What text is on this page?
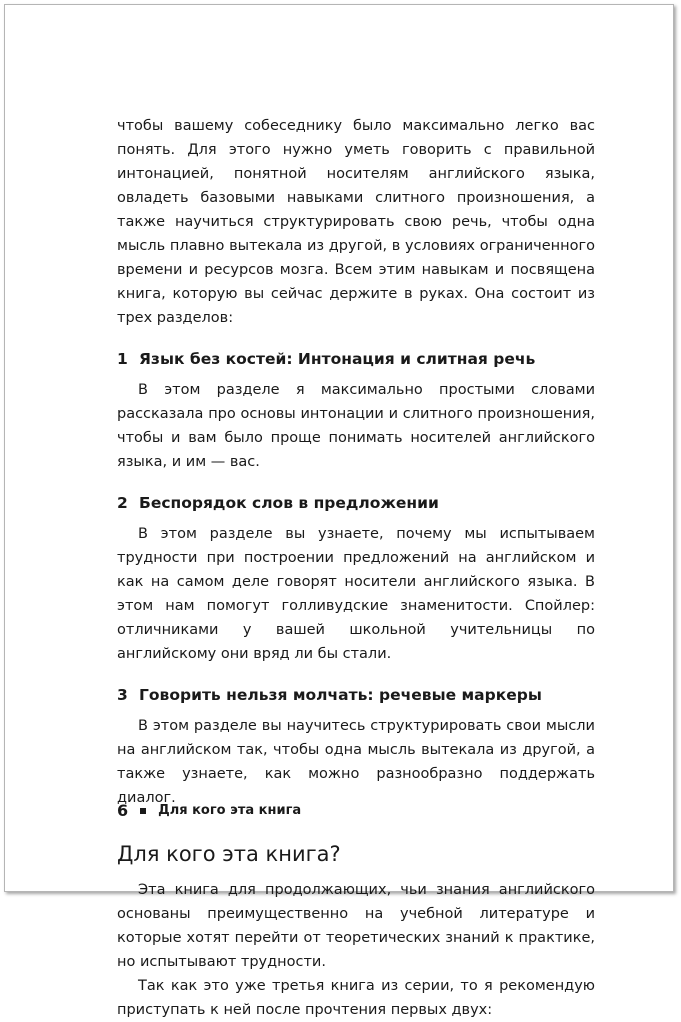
чтобы вашему собеседнику было максимально легко вас понять. Для этого нужно уметь говорить с правильной интонацией, понятной носителям английского языка, овладеть базовыми навыками слитного произношения, а также научиться структурировать свою речь, чтобы одна мысль плавно вытекала из другой, в условиях ограниченного времени и ресурсов мозга. Всем этим навыкам и посвящена книга, которую вы сейчас держите в руках. Она состоит из трех разделов:

1 Язык без костей: Интонация и слитная речь

В этом разделе я максимально простыми словами рассказала про основы интонации и слитного произношения, чтобы и вам было проще понимать носителей английского языка, и им — вас.

2 Беспорядок слов в предложении

В этом разделе вы узнаете, почему мы испытываем трудности при построении предложений на английском и как на самом деле говорят носители английского языка. В этом нам помогут голливудские знаменитости. Спойлер: отличниками у вашей школьной учительницы по английскому они вряд ли бы стали.

3 Говорить нельзя молчать: речевые маркеры

В этом разделе вы научитесь структурировать свои мысли на английском так, чтобы одна мысль вытекала из другой, а также узнаете, как можно разнообразно поддержать диалог.

Для кого эта книга?

Эта книга для продолжающих, чьи знания английского основаны преимущественно на учебной литературе и которые хотят перейти от теоретических знаний к практике, но испытывают трудности.

Так как это уже третья книга из серии, то я рекомендую приступать к ней после прочтения первых двух:

6 Для кого эта книга
